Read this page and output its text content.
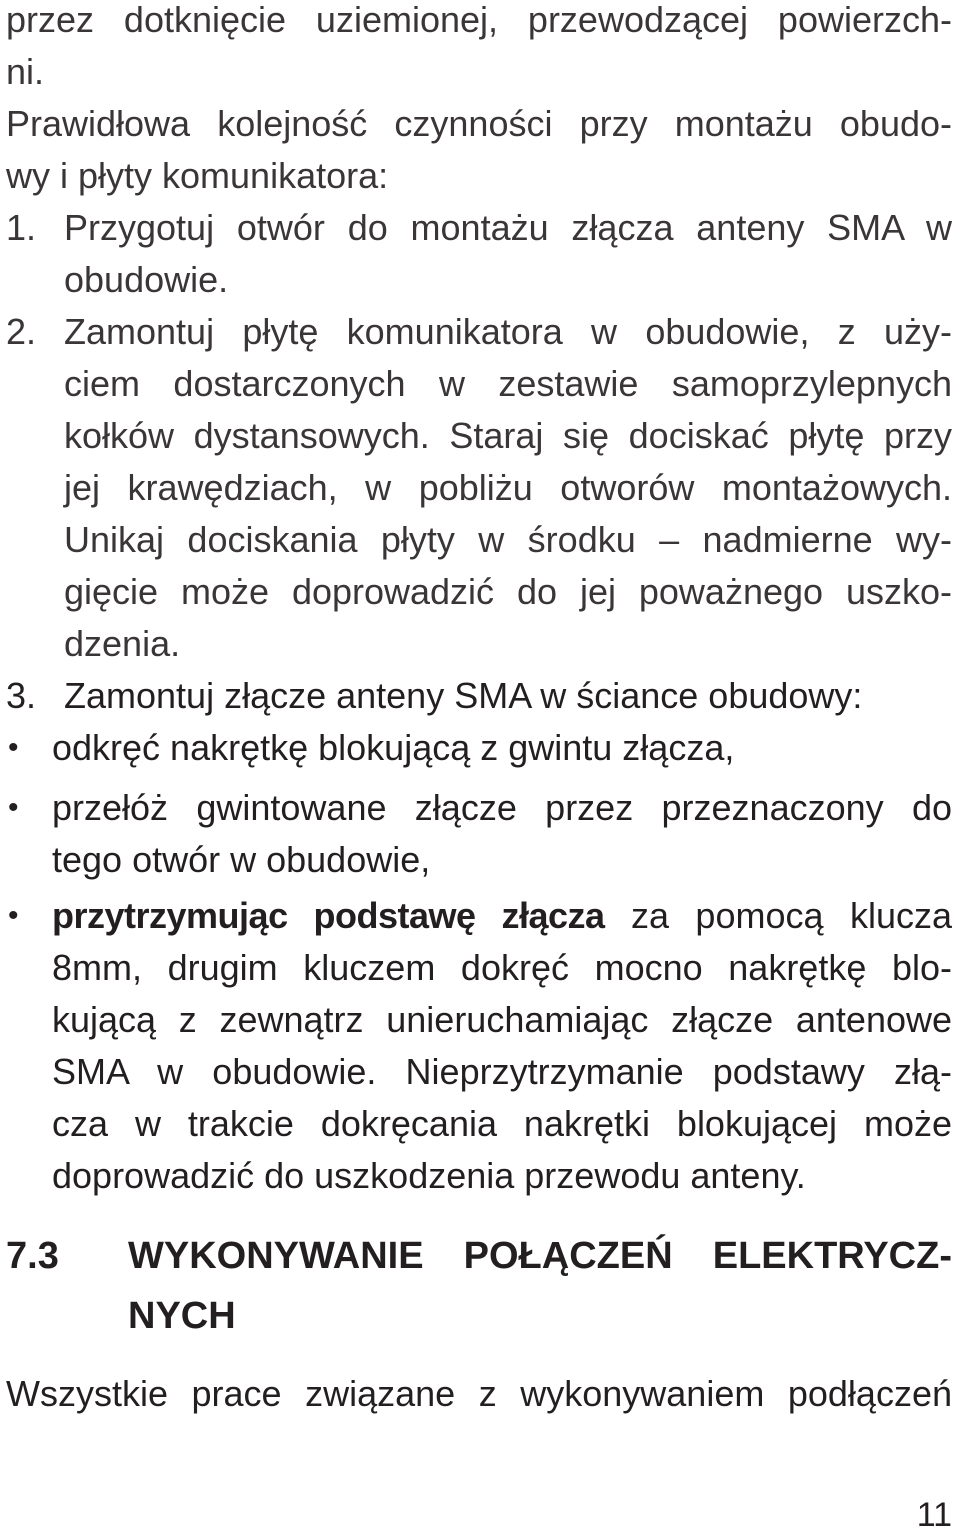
przez dotknięcie uziemionej, przewodzącej powierzch-
ni.
Prawidłowa kolejność czynności przy montażu obudo-
wy i płyty komunikatora:
1. Przygotuj otwór do montażu złącza anteny SMA w
obudowie.
2. Zamontuj płytę komunikatora w obudowie, z uży-
ciem dostarczonych w zestawie samoprzylepnych
kołków dystansowych. Staraj się dociskać płytę przy
jej krawędziach, w pobliżu otworów montażowych.
Unikaj dociskania płyty w środku – nadmierne wy-
gięcie może doprowadzić do jej poważnego uszko-
dzenia.
3. Zamontuj złącze anteny SMA w ściance obudowy:
• odkręć nakrętkę blokującą z gwintu złącza,
• przełóż gwintowane złącze przez przeznaczony do
tego otwór w obudowie,
• przytrzymując podstawę złącza za pomocą klucza
8mm, drugim kluczem dokręć mocno nakrętkę blo-
kującą z zewnątrz unieruchamiając złącze antenowe
SMA w obudowie. Nieprzytrzymanie podstawy złą-
cza w trakcie dokręcania nakrętki blokującej może
doprowadzić do uszkodzenia przewodu anteny.
7.3 WYKONYWANIE POŁĄCZEŃ ELEKTRYCZ-
NYCH
Wszystkie prace związane z wykonywaniem podłączeń
11
